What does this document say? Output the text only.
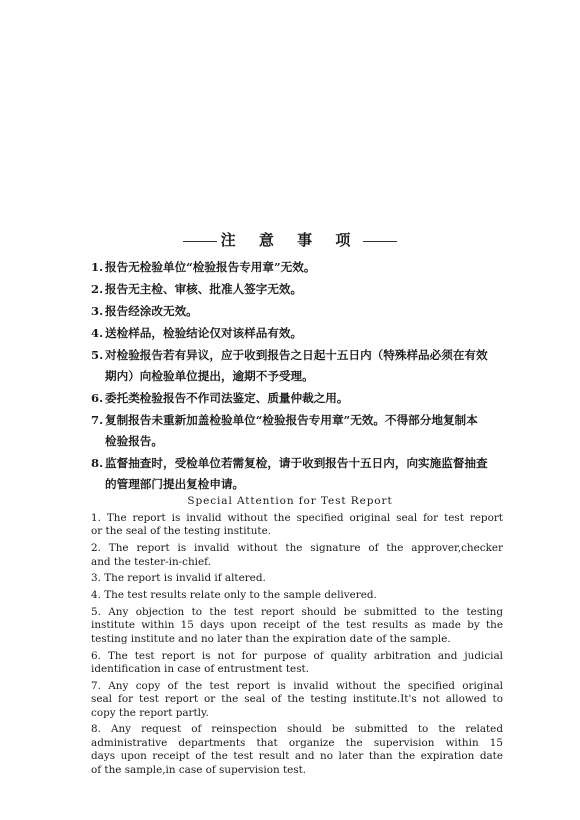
注 意 事 项
1. 报告无检验单位“检验报告专用章”无效。
2. 报告无主检、审核、批准人签字无效。
3. 报告经涂改无效。
4. 送检样品，检验结论仅对该样品有效。
5. 对检验报告若有异议，应于收到报告之日起十五日内（特殊样品必须在有效
期内）向检验单位提出，逾期不予受理。
6. 委托类检验报告不作司法鉴定、质量仲裁之用。
7. 复制报告未重新加盖检验单位“检验报告专用章”无效。不得部分地复制本
检验报告。
8. 监督抽查时，受检单位若需复检，请于收到报告十五日内，向实施监督抽查
的管理部门提出复检申请。
Special Attention for Test Report
1. The report is invalid without the specified original seal for test report
or the seal of the testing institute.
2. The report is invalid without the signature of the approver,checker
and the tester-in-chief.
3. The report is invalid if altered.
4. The test results relate only to the sample delivered.
5. Any objection to the test report should be submitted to the testing
institute within 15 days upon receipt of the test results as made by the
testing institute and no later than the expiration date of the sample.
6. The test report is not for purpose of quality arbitration and judicial
identification in case of entrustment test.
7. Any copy of the test report is invalid without the specified original
seal for test report or the seal of the testing institute.It's not allowed to
copy the report partly.
8. Any request of reinspection should be submitted to the related
administrative departments that organize the supervision within 15
days upon receipt of the test result and no later than the expiration date
of the sample,in case of supervision test.
